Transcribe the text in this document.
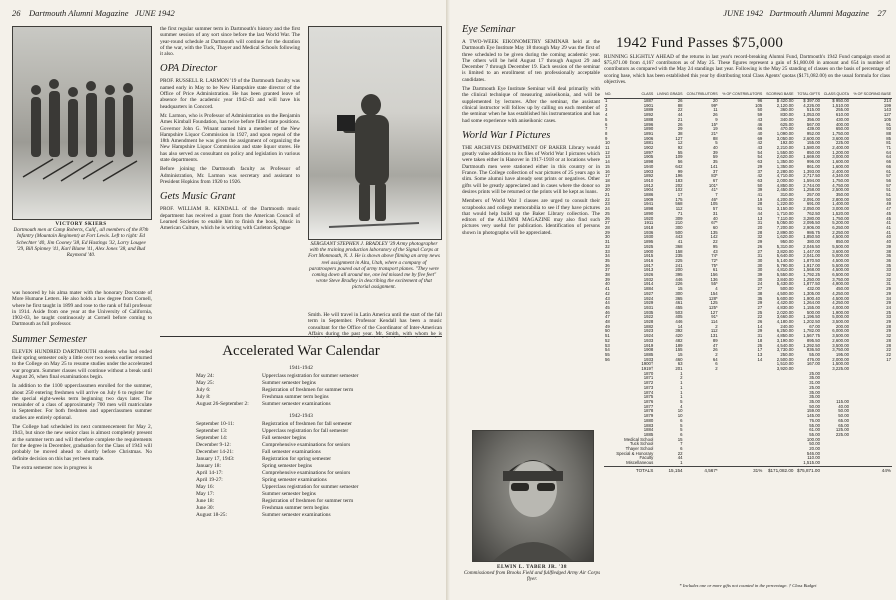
26 Dartmouth Alumni Magazine JUNE 1942
VICTORY SKIERS
Dartmouth men at Camp Roberts, Calif., all members of the 87th Infantry (Mountain Regiment) at Fort Lewis. Left to right: Ed Schechter '40, Jim Cooney '38, Ed Hastings '32, Larry Lougee '29, Bill Spinney '41, Karl Blume '41, Alex Jones '38, and Bud Raymond '40.

was honored by his alma mater with the honorary Doctorate of More Humane Letters. He also holds a law degree from Cornell, where he first taught in 1899 and rose to the rank of full professor in 1914. Aside from one year at the University of California, 1902-03, he taught continuously at Cornell before coming to Dartmouth as full professor.

Summer Semester

ELEVEN HUNDRED DARTMOUTH students who had ended their spring semester only a little over two weeks earlier returned to the College on May 25 to resume studies under the accelerated war program. Summer classes will continue without a break until August 26, when final examinations begin.

In addition to the 1100 upperclassmen enrolled for the summer, about 250 entering freshmen will arrive on July 6 to register for the special eight-weeks term beginning two days later. The remainder of a class of approximately 700 men will matriculate in September. For both freshmen and upperclassmen summer studies are entirely optional.

The College had scheduled its next commencement for May 2, 1943, but since the new senior class is almost completely present at the summer term and will therefore complete the requirements for the degree in December, graduation for the Class of 1943 will probably be moved ahead to shortly before Christmas. No definite decision on this has yet been made.

The extra semester now in progress is

the first regular summer term in Dartmouth's history and the first summer session of any sort since before the last World War. The year-round schedule at Dartmouth will continue for the duration of the war, with the Tuck, Thayer and Medical Schools following it also.

OPA Director

PROF. RUSSELL R. LARMON '19 of the Dartmouth faculty was named early in May to be New Hampshire state director of the Office of Price Administration. He has been granted leave of absence for the academic year 1942-43 and will have his headquarters in Concord.

Mr. Larmon, who is Professor of Administration on the Benjamin Ames Kimball Foundation, has twice before filled state positions. Governor John G. Winant named him a member of the New Hampshire Liquor Commission in 1927, and upon repeal of the 18th Amendment he was given the assignment of organizing the New Hampshire Liquor Commission and state liquor stores. He has also served as consultant on policy and legislation in various state departments.

Before joining the Dartmouth faculty as Professor of Administration, Mr. Larmon was secretary and assistant to President Hopkins from 1920 to 1926.

Gets Music Grant

PROF. WILLIAM R. KENDALL of the Dartmouth music department has received a grant from the American Council of Learned Societies to enable him to finish the book, Music in American Culture, which he is writing with Carleton Sprague

SERGEANT STEPHEN J. BRADLEY '39 Army photographer with the training production laboratory of the Signal Corps at Fort Monmouth, N. J. He is shown above filming an army news reel assignment in Alta, Utah, where a company of paratroopers poured out of army transport planes. "They were coming down all around me, one led missed me by five feet" wrote Steve Bradley in describing the excitement of that pictorial assignment.

Smith. He will travel in Latin America until the start of the fall term in September. Professor Kendall has been a music consultant for the Office of the Coordinator of Inter-American Affairs during the past year. Mr. Smith, with whom he is

Accelerated War Calendar
1941-1942
May 24:	Upperclass registration for summer semester
May 25:	Summer semester begins
July 6:	Registration of freshmen for summer term
July 8:	Freshman summer term begins
August 26-September 2:	Summer semester examinations
1942-1943
September 10-11:	Registration of freshmen for fall semester
September 13:	Upperclass registration for fall semester
September 14:	Fall semester begins
December 9-12:	Comprehensive examinations for seniors
December 14-21:	Fall semester examinations
January 17, 1943:	Registration for spring semester
January 18:	Spring semester begins
April 14-17:	Comprehensive examinations for seniors
April 19-27:	Spring semester examinations
May 16:	Upperclass registration for summer semester
May 17:	Summer semester begins
June 18:	Registration of freshmen for summer term
June 30:	Freshman summer term begins
August 18-25:	Summer semester examinations
JUNE 1942 Dartmouth Alumni Magazine 27
Eye Seminar

A TWO-WEEK EIKONOMETRY SEMINAR held at the Dartmouth Eye Institute May 18 through May 29 was the first of three scheduled to be given during the coming academic year. The others will be held August 17 through August 29 and December 7 through December 19. Each session of the seminar is limited to an enrollment of ten professionally acceptable candidates.

The Dartmouth Eye Institute Seminar will deal primarily with the clinical technique of measuring aniseikonia, and will be supplemented by lectures. After the seminar, the assistant clinical instructor will follow up by calling on each member of the seminar when he has established his instrumentation and has had some experience with aniseikonic cases.

World War I Pictures

THE ARCHIVES DEPARTMENT OF BAKER Library would greatly value additions to its files of World War I pictures which were taken either in Hanover in 1917-1918 or at locations where Dartmouth men were stationed either in this country or in France. The College collection of war pictures of 25 years ago is slim. Some alumni have already sent prints or negatives. Other gifts will be greatly appreciated and in cases where the donor so desires prints will be returned or the prints will be kept as loans.

Members of World War I classes are urged to consult their scrapbooks and college memorabilia to see if they have pictures that would help build up the Baker Library collection. The editors of the ALUMNI MAGAZINE may also find such pictures very useful for publication. Identification of persons shown in photographs will be appreciated.

ELWIN L. TABER JR. '38
Commissioned from Brooks Field and fullfledged Army Air Corps flyer.
1942 Fund Passes $75,000
RUNNING SLIGHTLY AHEAD of the returns in last year's record-breaking Alumni Fund, Dartmouth's 1942 Fund campaign stood at $75,871.00 from 4,167 contributors as of May 25. These figures represent a gain of $1,800.00 in amount and 654 in number of contributors as compared with the May 24 standings last year. Following is the May 25 standing of classes on the basis of percentage of scoring base, which has been established this year by distributing total Class Agents' quotas ($171,082.00) on the usual formula for class objectives.
NO.	CLASS	LIVING GRADS	CON-TRIB-UTORS	% OF CONTRIB-UTORS	SCORING BASE	TOTAL GIFTS	CLASS QUOTA	% OF SCORING BASE
1	1887	26	20	96	$ 420.00	$ 397.00	$ 950.00	214
2	1901	88	99*	105	2,120.00	4,226.00	1,510.00	199
3	1889	22	11	50	360.00	515.00	255.00	143
4	1892	44	26	59	830.00	1,053.00	610.00	127
5	1888	21	9	43	340.00	356.00	430.00	105
6	1896	26	15*	46	625.00	567.00	400.00	91
7	1890	29	19	66	470.00	439.00	650.00	93
8	1891	38	21*	40	1,090.00	952.00	1,750.00	88
9	1906	127	88	69	3,050.00	2,600.00	3,600.00	85
10	1881	12	5	42	192.00	155.00	225.00	81
11	1902	92	40	43	2,210.00	1,580.00	2,400.00	71
12	1897	55	39	54	1,550.00	850.00	1,200.00	64
13	1905	109	59	54	2,620.00	1,669.00	3,000.00	64
14	1898	56	35	63	1,350.00	996.00	1,600.00	66
15	1940	642	141	29	1,350.00	861.00	1,600.00	66
16	1903	99	37	37	2,280.00	1,393.00	2,400.00	61
17	1892	196	83*	42	4,710.00	2,717.50	4,340.00	57
18	1910	183	67	63	2,000.00	1,594.00	1,750.00	56
19	1912	202	101*	50	4,850.00	2,744.00	4,750.00	57
20	1904	102	41*	39	2,450.00	1,258.00	2,500.00	51
21	1886	17	7	41	310.00	257.00	350.00	51
22	1909	175	46*	19	4,200.00	2,091.00	2,800.00	50
23	1941	568	105	28	1,220.00	691.00	1,400.00	49
24	1898	112	57	51	3,150.00	2,050.00	3,000.00	47
25	1890	71	31	44	1,710.00	762.50	1,520.00	45
26	1920	309	40	13	7,110.00	3,280.00	1,750.00	45
27	1911	210	67*	31	5,050.00	2,095.50	5,200.00	41
28	1918	300	60	20	7,200.00	2,906.00	6,250.00	41
29	1936	500	135	28	2,890.00	986.75	2,250.00	41
30	1930	443	142	32	1,620.00	1,850.50	4,500.00	40
31	1895	41	22	29	950.00	380.00	850.00	40
32	1925	368	95	26	5,310.00	2,046.50	5,500.00	39
33	1900	158	43	27	3,820.00	1,447.00	3,600.00	38
34	1915	235	74*	31	5,640.00	2,041.00	5,000.00	36
35	1916	225	72*	30	5,140.00	1,870.50	4,500.00	36
36	1917	241	75*	30	5,790.00	1,917.00	5,500.00	35
37	1913	200	61	30	4,810.00	1,568.00	4,500.00	33
38	1926	395	156	39	5,550.00	1,792.25	6,500.00	32
39	1932	446	136	30	3,840.00	1,250.00	3,750.00	32
40	1914	226	55*	24	5,430.00	1,877.50	4,900.00	31
41	1884	15	4	27	500.00	432.00	450.00	29
42	1927	300	154	38	4,500.00	1,305.00	4,250.00	29
43	1924	365	128*	35	5,600.00	1,900.40	4,500.00	34
44	1929	461	125	29	4,420.00	1,264.00	4,250.00	29
45	1931	455	125*	27	4,830.00	1,155.00	4,000.00	24
46	1935	503	127	25	2,020.00	500.00	1,900.00	25
47	1922	405	91*	22	3,660.00	1,196.50	5,000.00	33
48	1928	446	114	26	4,180.00	1,202.50	3,500.00	29
49	1882	14	2	14	240.00	67.00	200.00	28
50	1923	392	112	29	6,250.00	1,782.00	6,000.00	29
51	1924	420	131	31	4,850.00	1,567.75	3,500.00	32
52	1933	482	89	18	3,190.00	895.50	2,600.00	28
53	1919	189	47	25	4,540.00	1,292.50	3,500.00	28
54	1908	155	26	17	3,730.00	836.50	3,750.00	22
55	1885	15	2	13	250.00	55.00	195.00	22
56	1933	460	64	14	2,500.00	476.00	2,000.00	17
	1900†	63	6		1,510.00	167.00	1,500.00	
	1919†	201	2		3,920.00		3,225.00	
	1870	1				25.00		
	1871	2				35.00		
	1872	1				31.00		
	1873	1				25.00		
	1874	1				35.00		
	1875	1				35.00		
	1876	5				35.00	115.00	
	1877	4				50.00	40.00	
	1878	10				159.00	50.00	
	1879	10				145.00	50.00	
	1880	6				76.00	65.00	
	1883	5				55.00	65.00	
	1884	5				61.00	125.00	
	1885	6				55.00	225.00	
	Medical School	15				100.00		
	Tuck School	7				50.00		
	Thayer School	6				20.00		
	Special & Honorary	22				546.00		
	Faculty	44				110.00		
	Miscellaneous	1				1,515.00		
	TOTALS	15,154	4,567*	31%	$171,082.00	$75,871.00		44%
* Includes one or more gifts not counted in the percentage. † Class Budget
